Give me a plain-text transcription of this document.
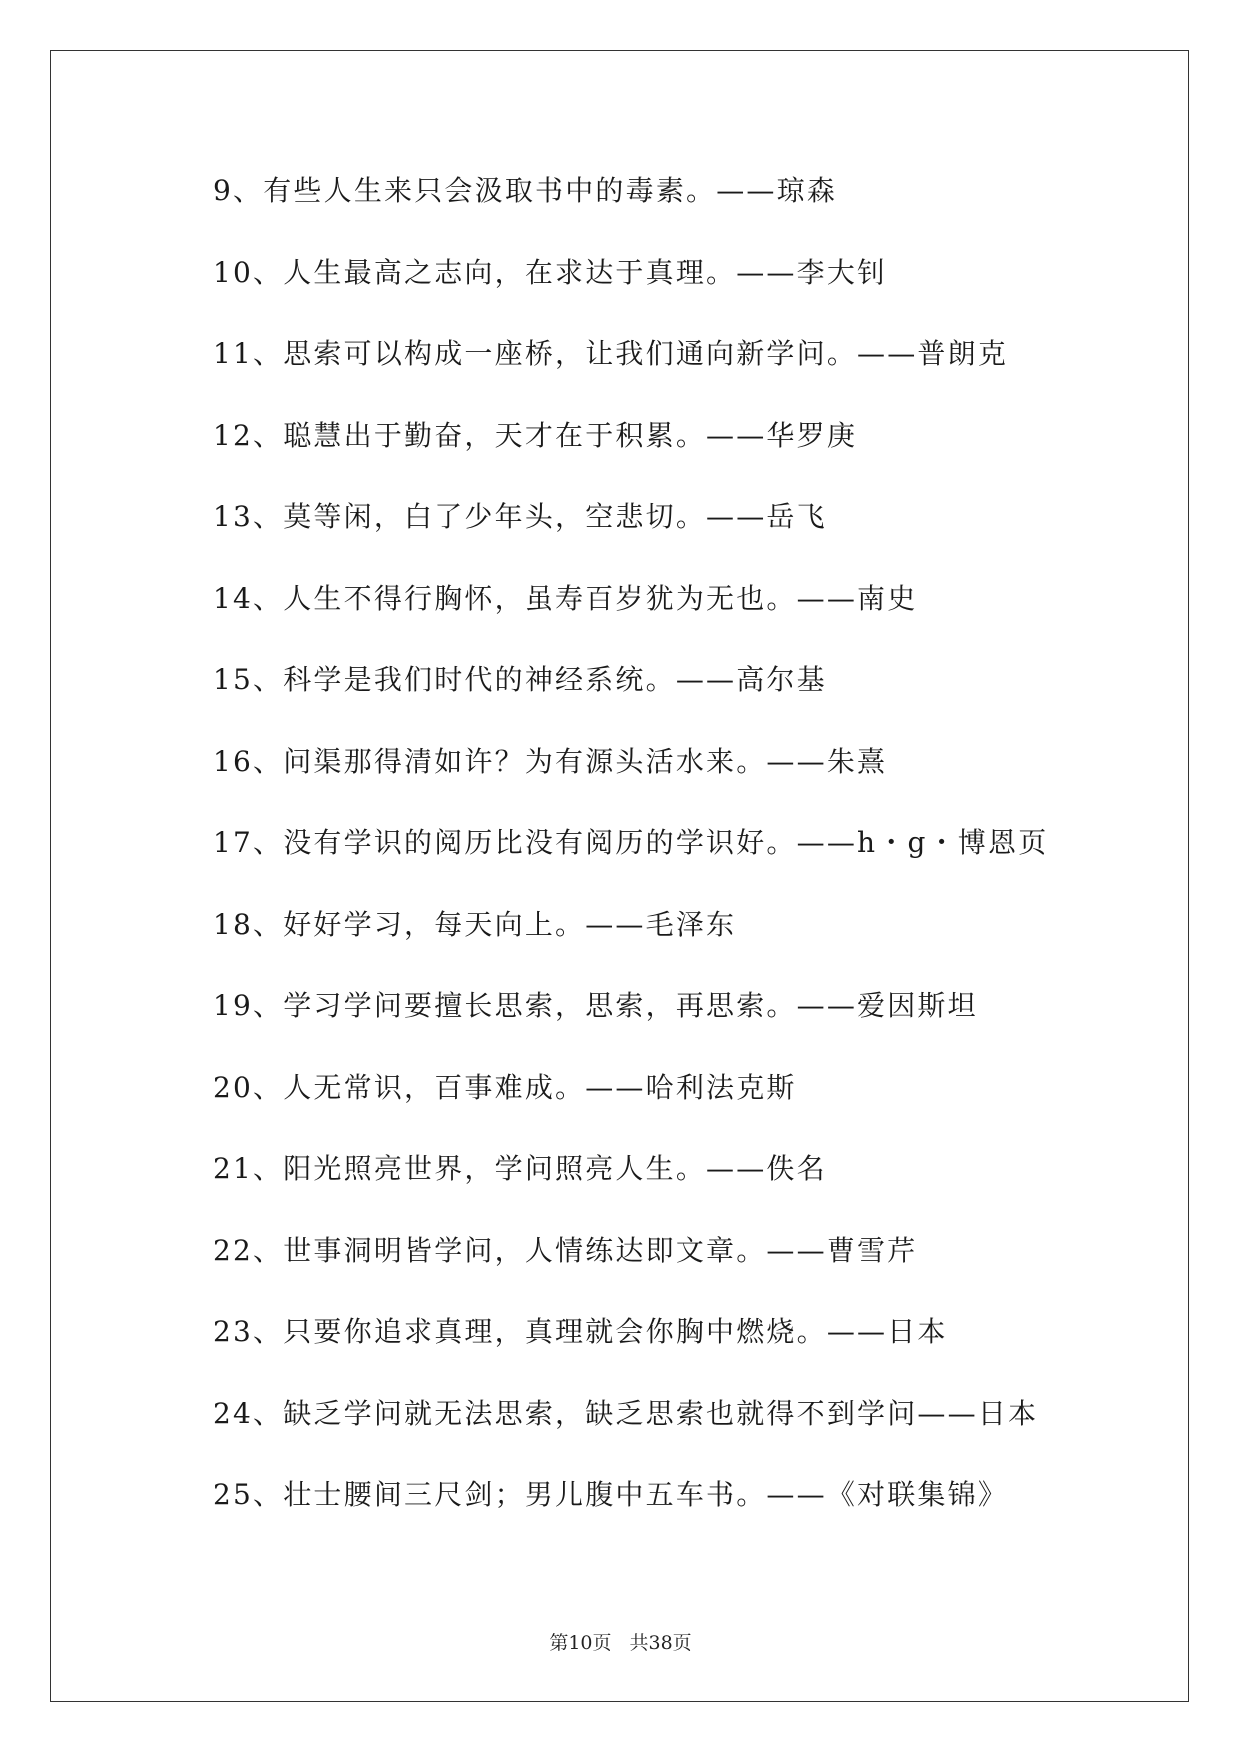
9、有些人生来只会汲取书中的毒素。——琼森
10、人生最高之志向，在求达于真理。——李大钊
11、思索可以构成一座桥，让我们通向新学问。——普朗克
12、聪慧出于勤奋，天才在于积累。——华罗庚
13、莫等闲，白了少年头，空悲切。——岳飞
14、人生不得行胸怀，虽寿百岁犹为无也。——南史
15、科学是我们时代的神经系统。——高尔基
16、问渠那得清如许？为有源头活水来。——朱熹
17、没有学识的阅历比没有阅历的学识好。——h・g・博恩页
18、好好学习，每天向上。——毛泽东
19、学习学问要擅长思索，思索，再思索。——爱因斯坦
20、人无常识，百事难成。——哈利法克斯
21、阳光照亮世界，学问照亮人生。——佚名
22、世事洞明皆学问，人情练达即文章。——曹雪芹
23、只要你追求真理，真理就会你胸中燃烧。——日本
24、缺乏学问就无法思索，缺乏思索也就得不到学问——日本
25、壮士腰间三尺剑；男儿腹中五车书。——《对联集锦》
第10页 共38页
